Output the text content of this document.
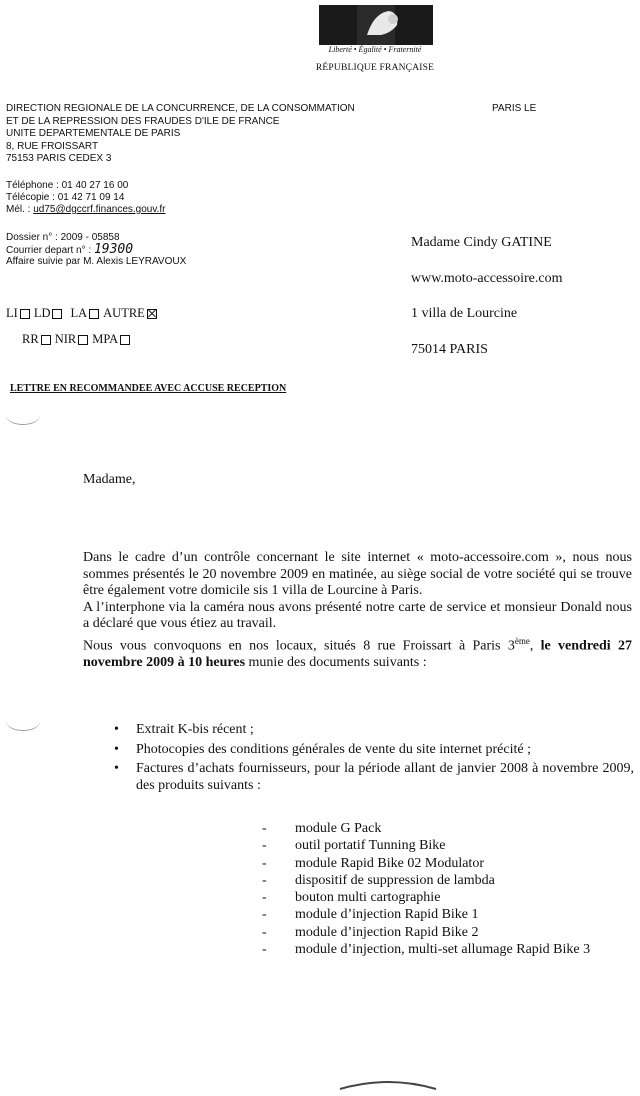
Liberté • Égalité • Fraternité
RÉPUBLIQUE FRANÇAISE
DIRECTION REGIONALE DE LA CONCURRENCE, DE LA CONSOMMATION
ET DE LA REPRESSION DES FRAUDES D'ILE DE FRANCE
UNITE DEPARTEMENTALE DE PARIS
8, RUE FROISSART
75153 PARIS CEDEX 3
PARIS LE
Téléphone : 01 40 27 16 00
Télécopie : 01 42 71 09 14
Mél. : ud75@dgccrf.finances.gouv.fr
Dossier n° : 2009 - 05858
Courrier depart n° : 19300
Affaire suivie par M. Alexis LEYRAVOUX
Madame Cindy GATINE
www.moto-accessoire.com
1 villa de Lourcine
75014 PARIS
LI LD LA AUTRE
RR NIR MPA
LETTRE EN RECOMMANDEE AVEC ACCUSE RECEPTION
Madame,

Dans le cadre d’un contrôle concernant le site internet « moto-accessoire.com », nous nous sommes présentés le 20 novembre 2009 en matinée, au siège social de votre société qui se trouve être également votre domicile sis 1 villa de Lourcine à Paris.

A l’interphone via la caméra nous avons présenté notre carte de service et monsieur Donald nous a déclaré que vous étiez au travail.

Nous vous convoquons en nos locaux, situés 8 rue Froissart à Paris 3ème, le vendredi 27 novembre 2009 à 10 heures munie des documents suivants :

• Extrait K-bis récent ;
• Photocopies des conditions générales de vente du site internet précité ;
• Factures d’achats fournisseurs, pour la période allant de janvier 2008 à novembre 2009, des produits suivants :
- module G Pack
- outil portatif Tunning Bike
- module Rapid Bike 02 Modulator
- dispositif de suppression de lambda
- bouton multi cartographie
- module d’injection Rapid Bike 1
- module d’injection Rapid Bike 2
- module d’injection, multi-set allumage Rapid Bike 3
